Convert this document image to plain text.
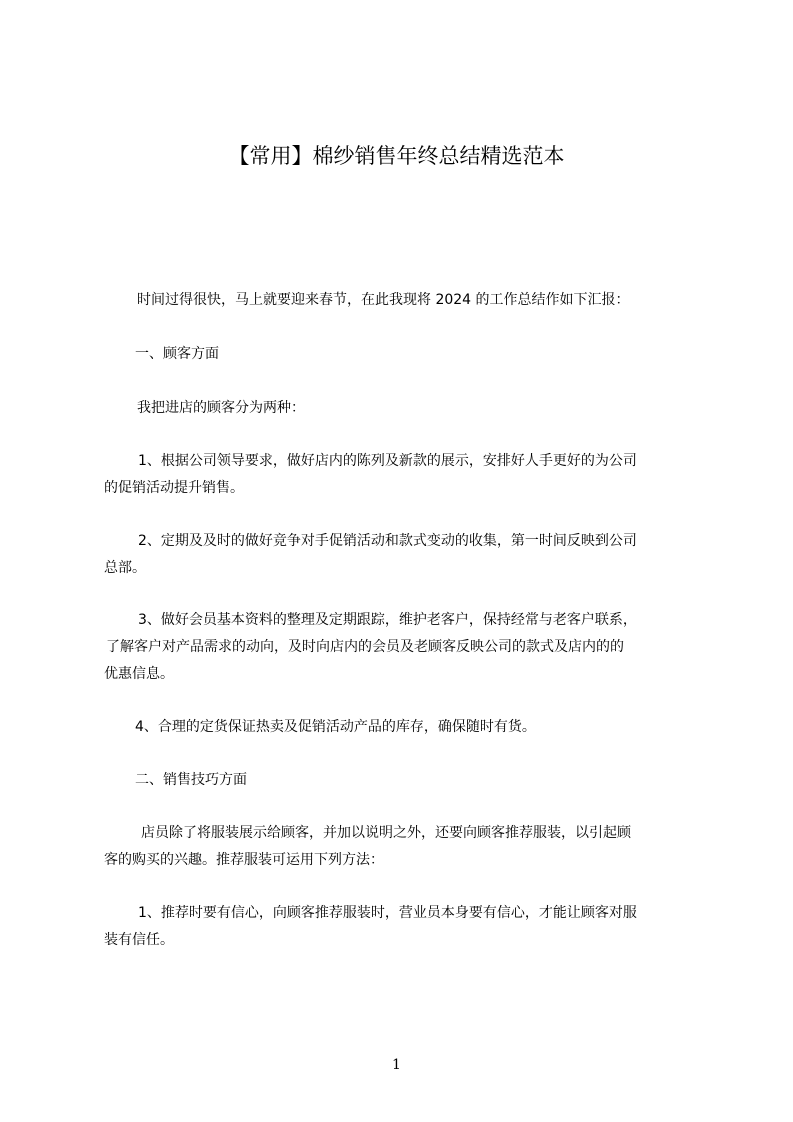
【常用】棉纱销售年终总结精选范本
时间过得很快，马上就要迎来春节，在此我现将 2024 的工作总结作如下汇报：
一、顾客方面
我把进店的顾客分为两种：
1、根据公司领导要求，做好店内的陈列及新款的展示，安排好人手更好的为公司
的促销活动提升销售。
2、定期及及时的做好竞争对手促销活动和款式变动的收集，第一时间反映到公司
总部。
3、做好会员基本资料的整理及定期跟踪，维护老客户，保持经常与老客户联系，
了解客户对产品需求的动向，及时向店内的会员及老顾客反映公司的款式及店内的的
优惠信息。
4、合理的定货保证热卖及促销活动产品的库存，确保随时有货。
二、销售技巧方面
店员除了将服装展示给顾客，并加以说明之外，还要向顾客推荐服装，以引起顾
客的购买的兴趣。推荐服装可运用下列方法：
1、推荐时要有信心，向顾客推荐服装时，营业员本身要有信心，才能让顾客对服
装有信任。
1
